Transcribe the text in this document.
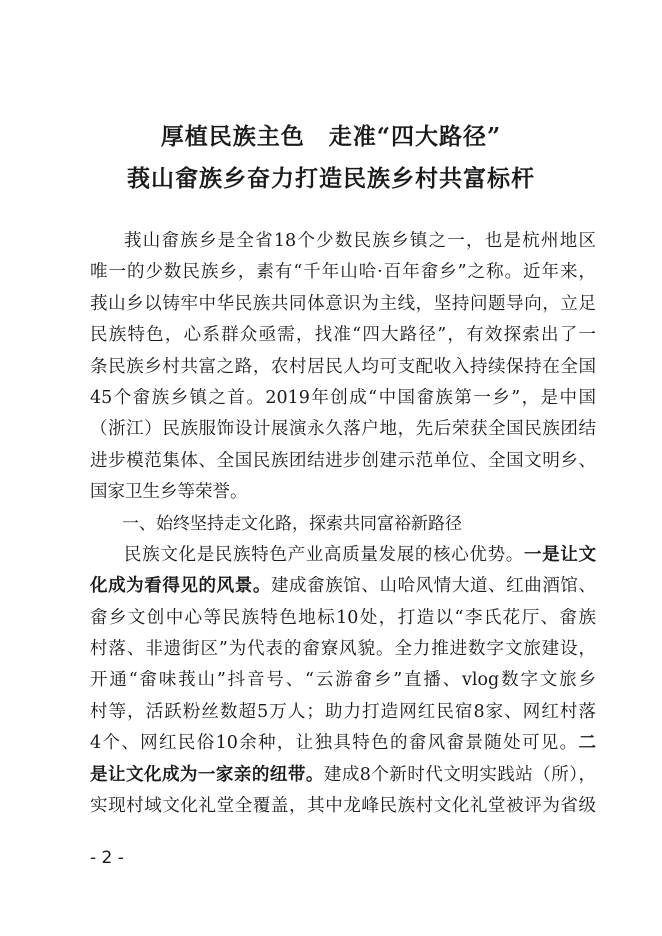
厚植民族主色　走准“四大路径”
莪山畲族乡奋力打造民族乡村共富标杆
莪山畲族乡是全省18个少数民族乡镇之一，也是杭州地区
唯一的少数民族乡，素有“千年山哈·百年畲乡”之称。近年来，
莪山乡以铸牢中华民族共同体意识为主线，坚持问题导向，立足
民族特色，心系群众亟需，找准“四大路径”，有效探索出了一
条民族乡村共富之路，农村居民人均可支配收入持续保持在全国
45个畲族乡镇之首。2019年创成“中国畲族第一乡”，是中国
（浙江）民族服饰设计展演永久落户地，先后荣获全国民族团结
进步模范集体、全国民族团结进步创建示范单位、全国文明乡、
国家卫生乡等荣誉。
一、始终坚持走文化路，探索共同富裕新路径
民族文化是民族特色产业高质量发展的核心优势。一是让文
化成为看得见的风景。建成畲族馆、山哈风情大道、红曲酒馆、
畲乡文创中心等民族特色地标10处，打造以“李氏花厅、畲族
村落、非遗街区”为代表的畲寮风貌。全力推进数字文旅建设，
开通“畲味莪山”抖音号、“云游畲乡”直播、vlog数字文旅乡
村等，活跃粉丝数超5万人；助力打造网红民宿8家、网红村落
4个、网红民俗10余种，让独具特色的畲风畲景随处可见。二
是让文化成为一家亲的纽带。建成8个新时代文明实践站（所），
实现村域文化礼堂全覆盖，其中龙峰民族村文化礼堂被评为省级
- 2 -
